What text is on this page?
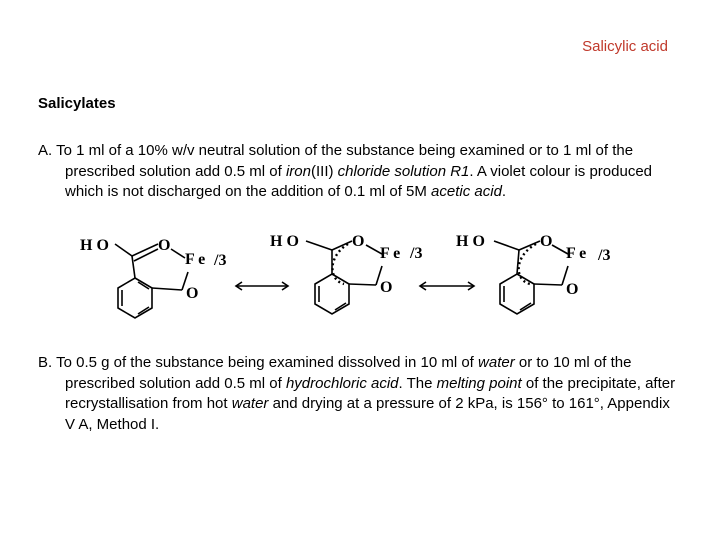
Salicylic acid
Salicylates
A. To 1 ml of a 10% w/v neutral solution of the substance being examined or to 1 ml of the prescribed solution add 0.5 ml of iron(III) chloride solution R1. A violet colour is produced which is not discharged on the addition of 0.1 ml of 5M acetic acid.
H O	O
F e /3
O
H O	O
F e /3
O
H O	O
F e /3
O
B. To 0.5 g of the substance being examined dissolved in 10 ml of water or to 10 ml of the prescribed solution add 0.5 ml of hydrochloric acid. The melting point of the precipitate, after recrystallisation from hot water and drying at a pressure of 2 kPa, is 156° to 161°, Appendix V A, Method I.
